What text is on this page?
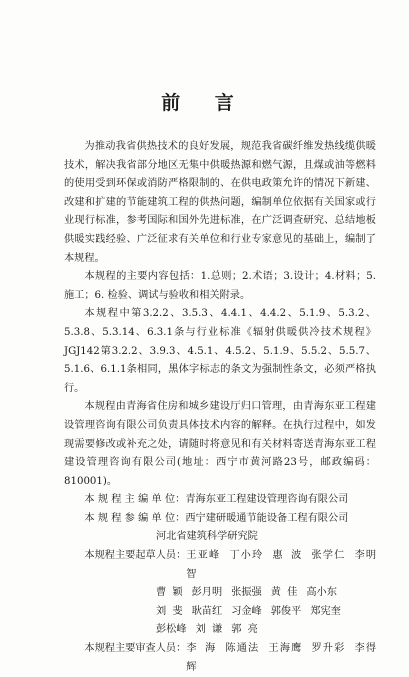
前 言

为推动我省供热技术的良好发展，规范我省碳纤维发热线缆供暖技术，解决我省部分地区无集中供暖热源和燃气源，且煤或油等燃料的使用受到环保或消防严格限制的、在供电政策允许的情况下新建、改建和扩建的节能建筑工程的供热问题，编制单位依据有关国家或行业现行标准，参考国际和国外先进标准，在广泛调查研究、总结地板供暖实践经验、广泛征求有关单位和行业专家意见的基础上，编制了本规程。

本规程的主要内容包括：1.总则；2.术语；3.设计；4.材料；5.施工；6. 检验、调试与验收和相关附录。

本规程中第3.2.2、3.5.3、4.4.1、4.4.2、5.1.9、5.3.2、5.3.8、5.3.14、6.3.1条与行业标准《辐射供暖供冷技术规程》JGJ142第3.2.2、3.9.3、4.5.1、4.5.2、5.1.9、5.5.2、5.5.7、5.1.6、6.1.1条相同，黑体字标志的条文为强制性条文，必须严格执行。

本规程由青海省住房和城乡建设厅归口管理，由青海东亚工程建设管理咨询有限公司负责具体技术内容的解释。在执行过程中，如发现需要修改或补充之处，请随时将意见和有关材料寄送青海东亚工程建设管理咨询有限公司(地址：西宁市黄河路23号，邮政编码：810001)。

本 规 程 主 编 单 位： 青海东亚工程建设管理咨询有限公司
本 规 程 参 编 单 位： 西宁建研暖通节能设备工程有限公司
河北省建筑科学研究院
本规程主要起草人员： 王亚峰 丁小玲 惠 波 张学仁 李明智
曹 颖 彭月明 张振强 黄 佳 高小东
刘 斐 耿苗红 习金峰 郭俊平 郑宪奎
彭松峰 刘 谦 郭 亮
本规程主要审查人员： 李 海 陈通法 王海鹰 罗升彩 李得辉
